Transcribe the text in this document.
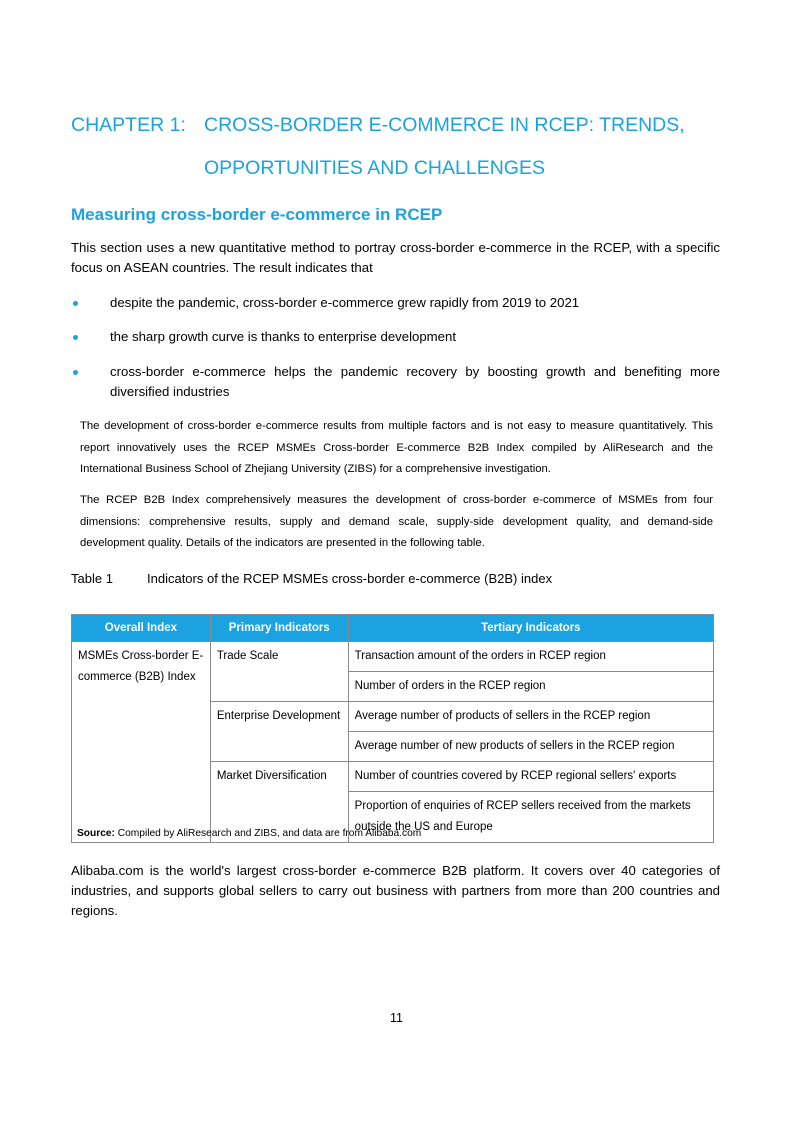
CHAPTER 1: CROSS-BORDER E-COMMERCE IN RCEP: TRENDS,
OPPORTUNITIES AND CHALLENGES
Measuring cross-border e-commerce in RCEP
This section uses a new quantitative method to portray cross-border e-commerce in the RCEP, with a specific focus on ASEAN countries. The result indicates that
despite the pandemic, cross-border e-commerce grew rapidly from 2019 to 2021
the sharp growth curve is thanks to enterprise development
cross-border e-commerce helps the pandemic recovery by boosting growth and benefiting more diversified industries
The development of cross-border e-commerce results from multiple factors and is not easy to measure quantitatively. This report innovatively uses the RCEP MSMEs Cross-border E-commerce B2B Index compiled by AliResearch and the International Business School of Zhejiang University (ZIBS) for a comprehensive investigation.
The RCEP B2B Index comprehensively measures the development of cross-border e-commerce of MSMEs from four dimensions: comprehensive results, supply and demand scale, supply-side development quality, and demand-side development quality. Details of the indicators are presented in the following table.
Table 1	Indicators of the RCEP MSMEs cross-border e-commerce (B2B) index
Overall Index	Primary Indicators	Tertiary Indicators
MSMEs Cross-border E-commerce (B2B) Index	Trade Scale	Transaction amount of the orders in RCEP region
		Number of orders in the RCEP region
	Enterprise Development	Average number of products of sellers in the RCEP region
		Average number of new products of sellers in the RCEP region
	Market Diversification	Number of countries covered by RCEP regional sellers' exports
		Proportion of enquiries of RCEP sellers received from the markets outside the US and Europe
Source: Compiled by AliResearch and ZIBS, and data are from Alibaba.com
Alibaba.com is the world's largest cross-border e-commerce B2B platform. It covers over 40 categories of industries, and supports global sellers to carry out business with partners from more than 200 countries and regions.
11
